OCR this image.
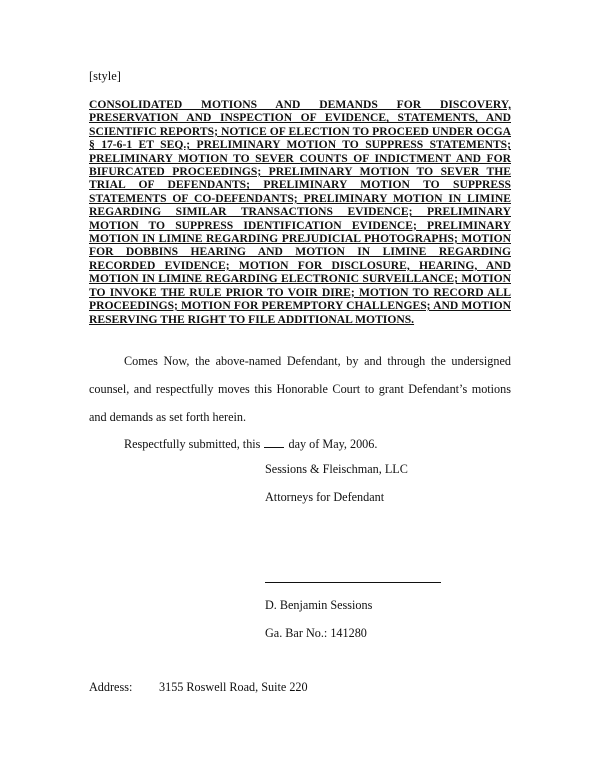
[style]
CONSOLIDATED MOTIONS AND DEMANDS FOR DISCOVERY, PRESERVATION AND INSPECTION OF EVIDENCE, STATEMENTS, AND SCIENTIFIC REPORTS; NOTICE OF ELECTION TO PROCEED UNDER OCGA § 17-6-1 ET SEQ.; PRELIMINARY MOTION TO SUPPRESS STATEMENTS; PRELIMINARY MOTION TO SEVER COUNTS OF INDICTMENT AND FOR BIFURCATED PROCEEDINGS; PRELIMINARY MOTION TO SEVER THE TRIAL OF DEFENDANTS; PRELIMINARY MOTION TO SUPPRESS STATEMENTS OF CO-DEFENDANTS; PRELIMINARY MOTION IN LIMINE REGARDING SIMILAR TRANSACTIONS EVIDENCE; PRELIMINARY MOTION TO SUPPRESS IDENTIFICATION EVIDENCE; PRELIMINARY MOTION IN LIMINE REGARDING PREJUDICIAL PHOTOGRAPHS; MOTION FOR DOBBINS HEARING AND MOTION IN LIMINE REGARDING RECORDED EVIDENCE; MOTION FOR DISCLOSURE, HEARING, AND MOTION IN LIMINE REGARDING ELECTRONIC SURVEILLANCE; MOTION TO INVOKE THE RULE PRIOR TO VOIR DIRE; MOTION TO RECORD ALL PROCEEDINGS; MOTION FOR PEREMPTORY CHALLENGES; AND MOTION RESERVING THE RIGHT TO FILE ADDITIONAL MOTIONS.
Comes Now, the above-named Defendant, by and through the undersigned counsel, and respectfully moves this Honorable Court to grant Defendant’s motions and demands as set forth herein.
Respectfully submitted, this day of May, 2006.
Sessions & Fleischman, LLC
Attorneys for Defendant
D. Benjamin Sessions
Ga. Bar No.: 141280
Address: 3155 Roswell Road, Suite 220
